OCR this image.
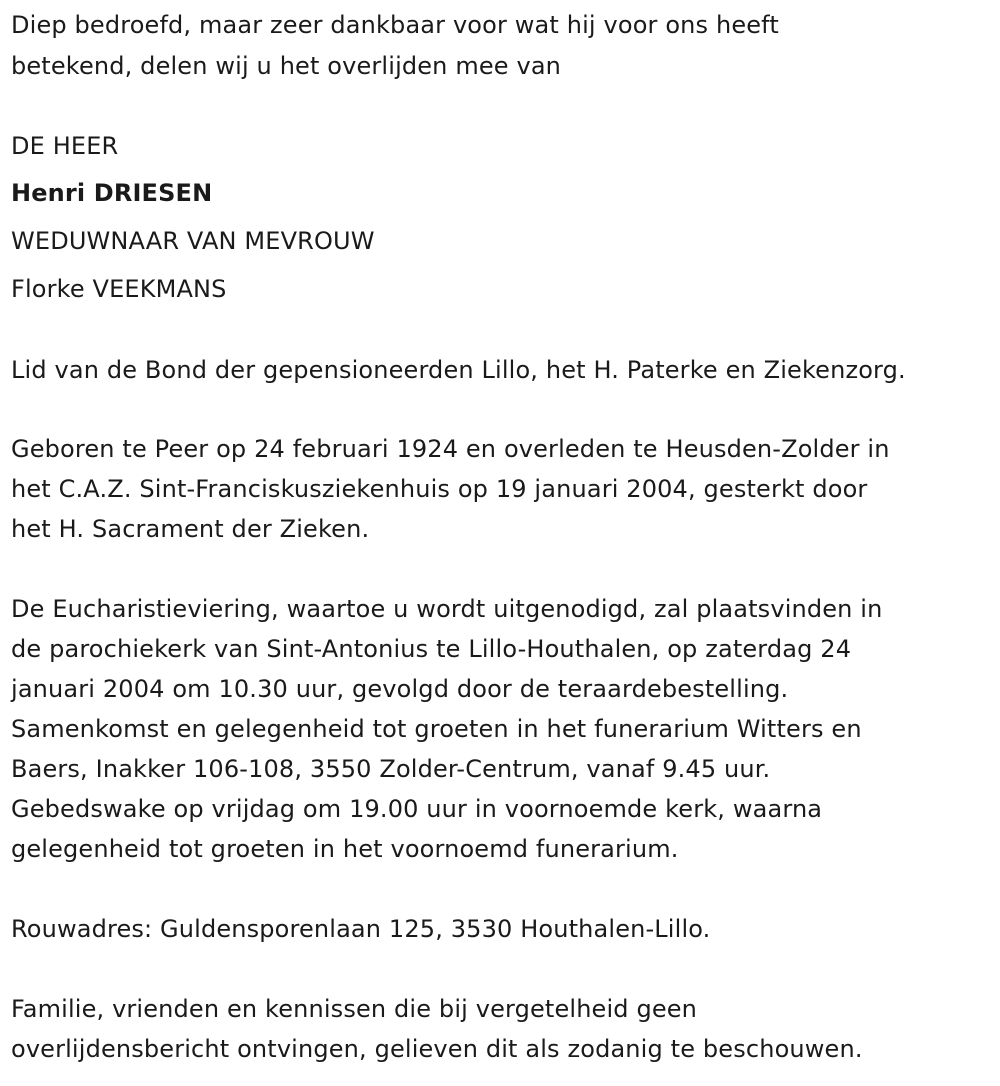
Diep bedroefd, maar zeer dankbaar voor wat hij voor ons heeft
betekend, delen wij u het overlijden mee van
DE HEER
Henri DRIESEN
WEDUWNAAR VAN MEVROUW
Florke VEEKMANS
Lid van de Bond der gepensioneerden Lillo, het H. Paterke en Ziekenzorg.
Geboren te Peer op 24 februari 1924 en overleden te Heusden-Zolder in
het C.A.Z. Sint-Franciskusziekenhuis op 19 januari 2004, gesterkt door
het H. Sacrament der Zieken.
De Eucharistieviering, waartoe u wordt uitgenodigd, zal plaatsvinden in
de parochiekerk van Sint-Antonius te Lillo-Houthalen, op zaterdag 24
januari 2004 om 10.30 uur, gevolgd door de teraardebestelling.
Samenkomst en gelegenheid tot groeten in het funerarium Witters en
Baers, Inakker 106-108, 3550 Zolder-Centrum, vanaf 9.45 uur.
Gebedswake op vrijdag om 19.00 uur in voornoemde kerk, waarna
gelegenheid tot groeten in het voornoemd funerarium.
Rouwadres: Guldensporenlaan 125, 3530 Houthalen-Lillo.
Familie, vrienden en kennissen die bij vergetelheid geen
overlijdensbericht ontvingen, gelieven dit als zodanig te beschouwen.
